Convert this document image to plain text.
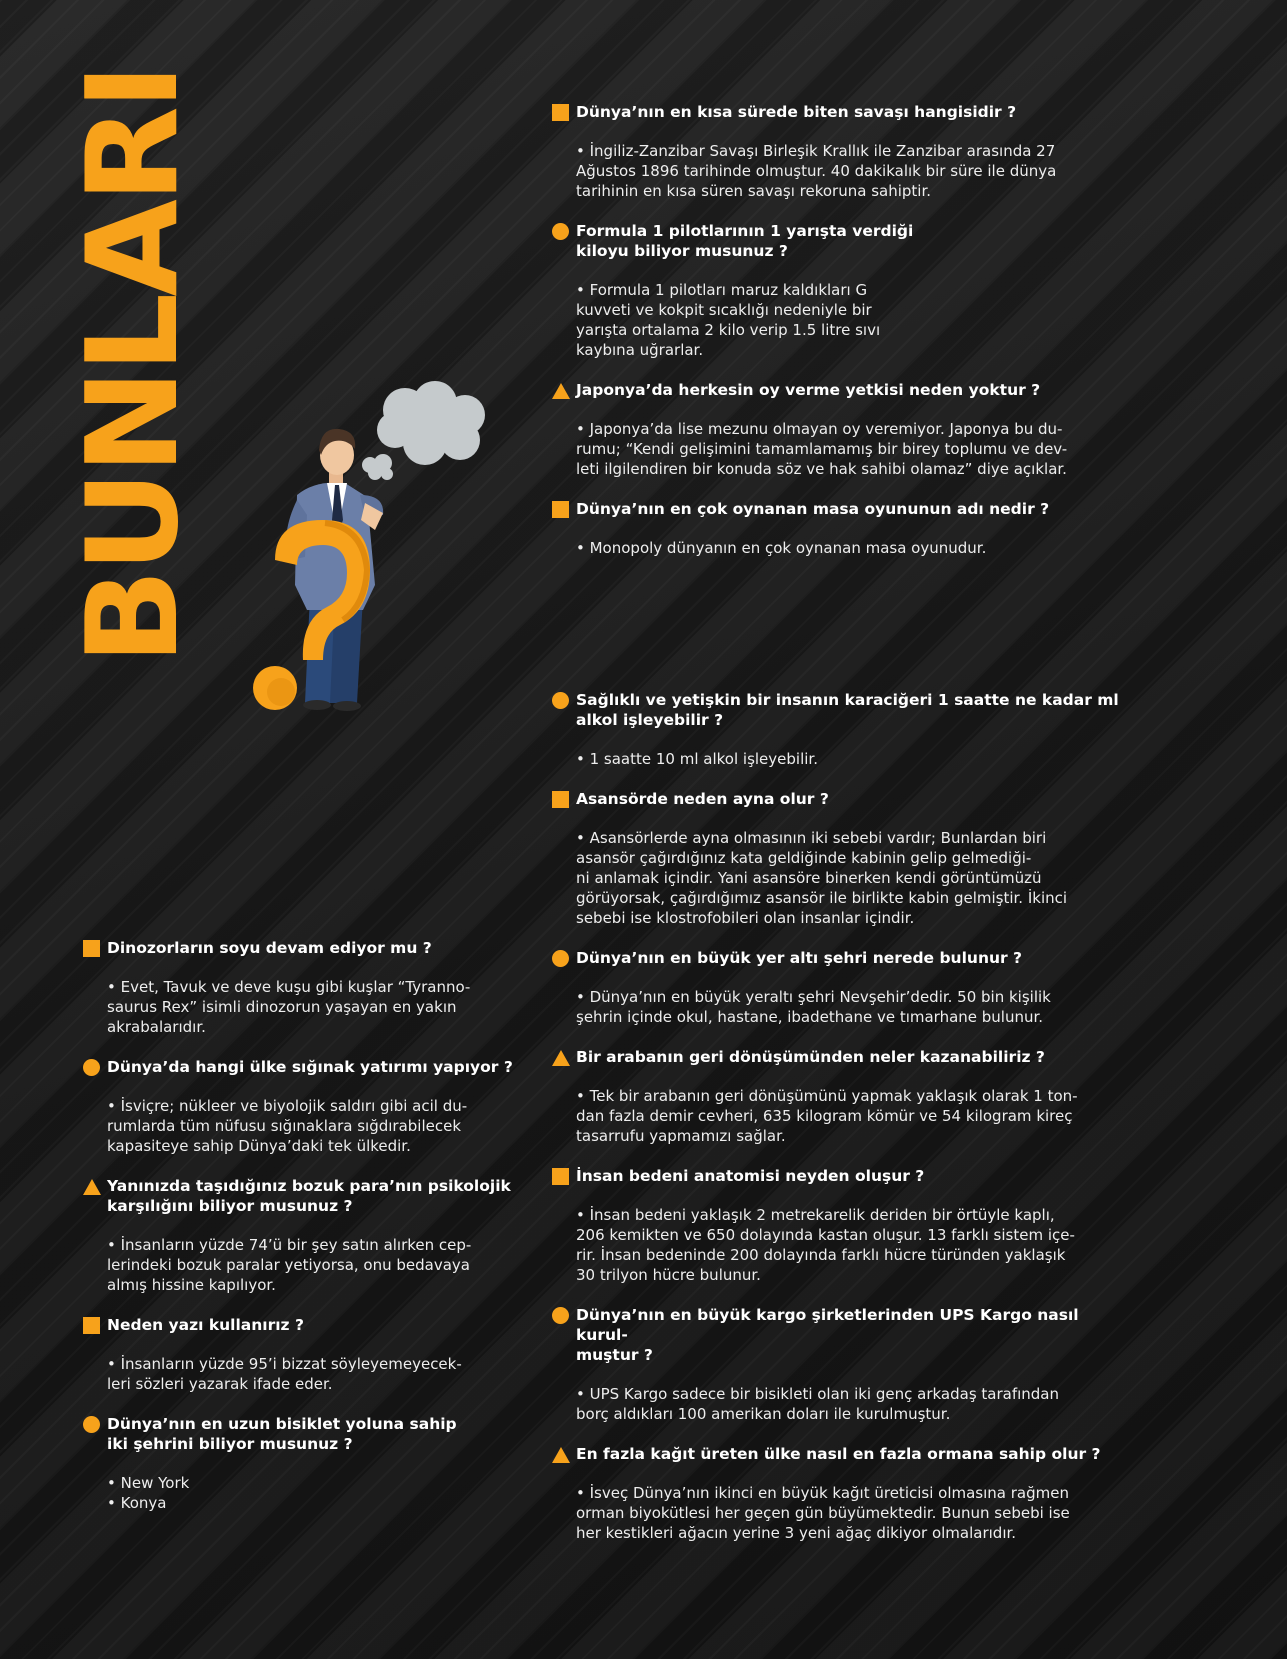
BUNLARI	Dünya’nın en kısa sürede biten savaşı hangisidir ?
• İngiliz-Zanzibar Savaşı Birleşik Krallık ile Zanzibar arasında 27
Ağustos 1896 tarihinde olmuştur. 40 dakikalık bir süre ile dünya
tarihinin en kısa süren savaşı rekoruna sahiptir.
Formula 1 pilotlarının 1 yarışta verdiği
kiloyu biliyor musunuz ?
• Formula 1 pilotları maruz kaldıkları G
kuvveti ve kokpit sıcaklığı nedeniyle bir
yarışta ortalama 2 kilo verip 1.5 litre sıvı
kaybına uğrarlar.
Japonya’da herkesin oy verme yetkisi neden yoktur ?
• Japonya’da lise mezunu olmayan oy veremiyor. Japonya bu du-
rumu; “Kendi gelişimini tamamlamamış bir birey toplumu ve dev-
leti ilgilendiren bir konuda söz ve hak sahibi olamaz” diye açıklar.
Dünya’nın en çok oynanan masa oyununun adı nedir ?
• Monopoly dünyanın en çok oynanan masa oyunudur.
Sağlıklı ve yetişkin bir insanın karaciğeri 1 saatte ne kadar ml
alkol işleyebilir ?
• 1 saatte 10 ml alkol işleyebilir.
Asansörde neden ayna olur ?
• Asansörlerde ayna olmasının iki sebebi vardır; Bunlardan biri
asansör çağırdığınız kata geldiğinde kabinin gelip gelmediği-
ni anlamak içindir. Yani asansöre binerken kendi görüntümüzü
görüyorsak, çağırdığımız asansör ile birlikte kabin gelmiştir. İkinci
sebebi ise klostrofobileri olan insanlar içindir.
Dünya’nın en büyük yer altı şehri nerede bulunur ?
• Dünya’nın en büyük yeraltı şehri Nevşehir’dedir. 50 bin kişilik
şehrin içinde okul, hastane, ibadethane ve tımarhane bulunur.
Bir arabanın geri dönüşümünden neler kazanabiliriz ?
• Tek bir arabanın geri dönüşümünü yapmak yaklaşık olarak 1 ton-
dan fazla demir cevheri, 635 kilogram kömür ve 54 kilogram kireç
tasarrufu yapmamızı sağlar.
İnsan bedeni anatomisi neyden oluşur ?
• İnsan bedeni yaklaşık 2 metrekarelik deriden bir örtüyle kaplı,
206 kemikten ve 650 dolayında kastan oluşur. 13 farklı sistem içe-
rir. İnsan bedeninde 200 dolayında farklı hücre türünden yaklaşık
30 trilyon hücre bulunur.
Dünya’nın en büyük kargo şirketlerinden UPS Kargo nasıl kurul-
muştur ?
• UPS Kargo sadece bir bisikleti olan iki genç arkadaş tarafından
borç aldıkları 100 amerikan doları ile kurulmuştur.
En fazla kağıt üreten ülke nasıl en fazla ormana sahip olur ?
• İsveç Dünya’nın ikinci en büyük kağıt üreticisi olmasına rağmen
orman biyokütlesi her geçen gün büyümektedir. Bunun sebebi ise
her kestikleri ağacın yerine 3 yeni ağaç dikiyor olmalarıdır.
Dinozorların soyu devam ediyor mu ?
• Evet, Tavuk ve deve kuşu gibi kuşlar “Tyranno-
saurus Rex” isimli dinozorun yaşayan en yakın
akrabalarıdır.
Dünya’da hangi ülke sığınak yatırımı yapıyor ?
• İsviçre; nükleer ve biyolojik saldırı gibi acil du-
rumlarda tüm nüfusu sığınaklara sığdırabilecek
kapasiteye sahip Dünya’daki tek ülkedir.
Yanınızda taşıdığınız bozuk para’nın psikolojik
karşılığını biliyor musunuz ?
• İnsanların yüzde 74’ü bir şey satın alırken cep-
lerindeki bozuk paralar yetiyorsa, onu bedavaya
almış hissine kapılıyor.
Neden yazı kullanırız ?
• İnsanların yüzde 95’i bizzat söyleyemeyecek-
leri sözleri yazarak ifade eder.
Dünya’nın en uzun bisiklet yoluna sahip
iki şehrini biliyor musunuz ?
• New York
• Konya
